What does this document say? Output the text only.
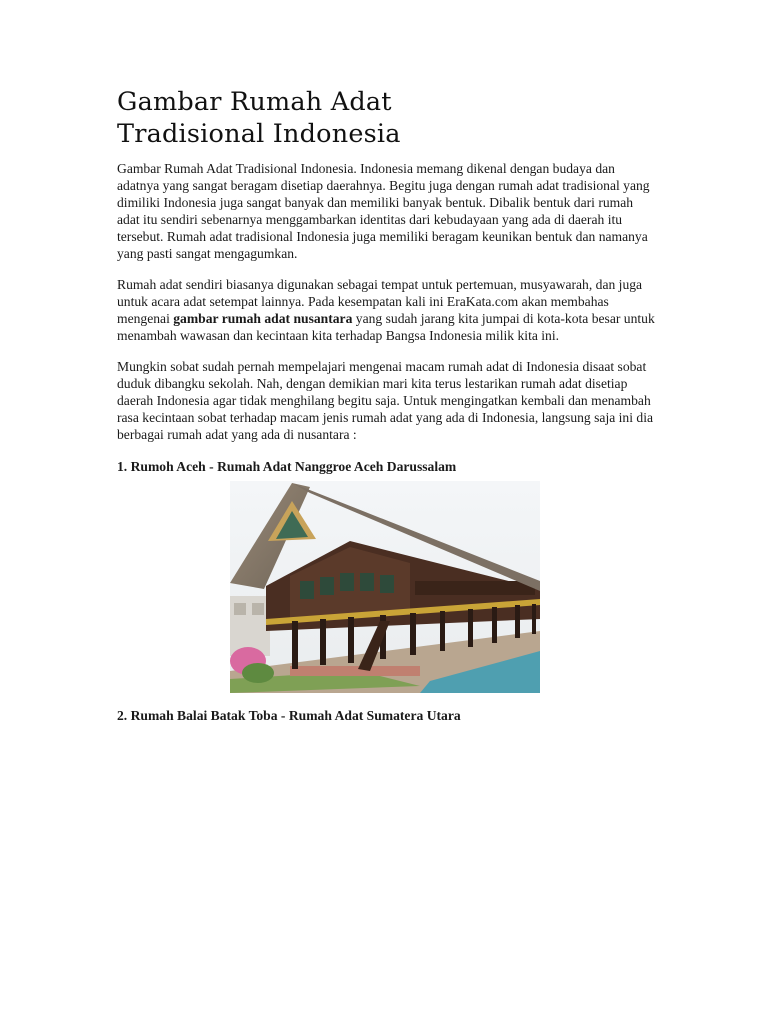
Gambar Rumah Adat
Tradisional Indonesia

Gambar Rumah Adat Tradisional Indonesia. Indonesia memang dikenal dengan budaya dan adatnya yang sangat beragam disetiap daerahnya. Begitu juga dengan rumah adat tradisional yang dimiliki Indonesia juga sangat banyak dan memiliki banyak bentuk. Dibalik bentuk dari rumah adat itu sendiri sebenarnya menggambarkan identitas dari kebudayaan yang ada di daerah itu tersebut. Rumah adat tradisional Indonesia juga memiliki beragam keunikan bentuk dan namanya yang pasti sangat mengagumkan.

Rumah adat sendiri biasanya digunakan sebagai tempat untuk pertemuan, musyawarah, dan juga untuk acara adat setempat lainnya. Pada kesempatan kali ini EraKata.com akan membahas mengenai gambar rumah adat nusantara yang sudah jarang kita jumpai di kota-kota besar untuk menambah wawasan dan kecintaan kita terhadap Bangsa Indonesia milik kita ini.

Mungkin sobat sudah pernah mempelajari mengenai macam rumah adat di Indonesia disaat sobat duduk dibangku sekolah. Nah, dengan demikian mari kita terus lestarikan rumah adat disetiap daerah Indonesia agar tidak menghilang begitu saja. Untuk mengingatkan kembali dan menambah rasa kecintaan sobat terhadap macam jenis rumah adat yang ada di Indonesia, langsung saja ini dia berbagai rumah adat yang ada di nusantara :

1. Rumoh Aceh - Rumah Adat Nanggroe Aceh Darussalam

2. Rumah Balai Batak Toba - Rumah Adat Sumatera Utara
